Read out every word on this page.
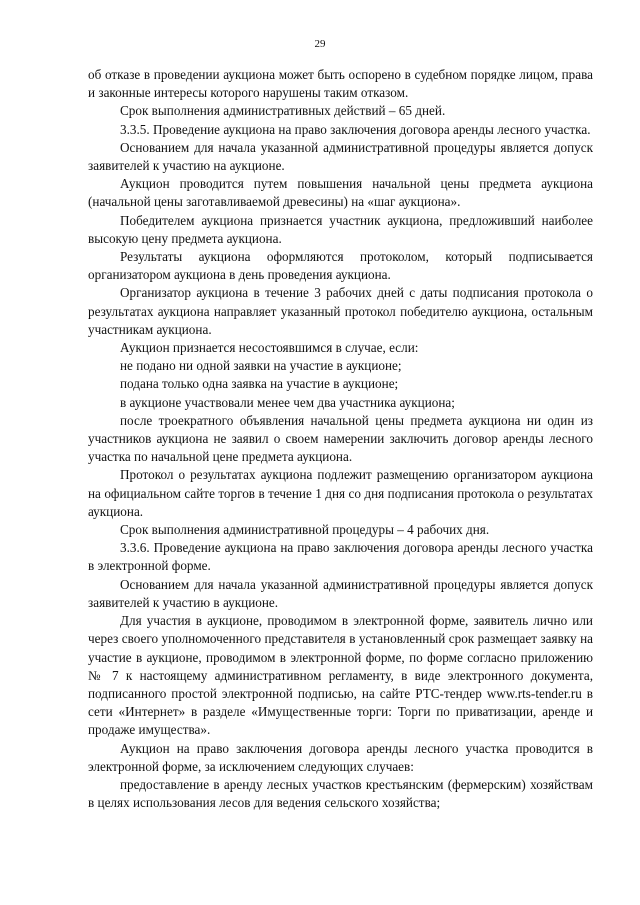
29

об отказе в проведении аукциона может быть оспорено в судебном порядке лицом, права и законные интересы которого нарушены таким отказом.

Срок выполнения административных действий – 65 дней.

3.3.5. Проведение аукциона на право заключения договора аренды лесного участка.

Основанием для начала указанной административной процедуры является допуск заявителей к участию на аукционе.

Аукцион проводится путем повышения начальной цены предмета аукциона (начальной цены заготавливаемой древесины) на «шаг аукциона».

Победителем аукциона признается участник аукциона, предложивший наиболее высокую цену предмета аукциона.

Результаты аукциона оформляются протоколом, который подписывается организатором аукциона в день проведения аукциона.

Организатор аукциона в течение 3 рабочих дней с даты подписания протокола о результатах аукциона направляет указанный протокол победителю аукциона, остальным участникам аукциона.

Аукцион признается несостоявшимся в случае, если:

не подано ни одной заявки на участие в аукционе;

подана только одна заявка на участие в аукционе;

в аукционе участвовали менее чем два участника аукциона;

после троекратного объявления начальной цены предмета аукциона ни один из участников аукциона не заявил о своем намерении заключить договор аренды лесного участка по начальной цене предмета аукциона.

Протокол о результатах аукциона подлежит размещению организатором аукциона на официальном сайте торгов в течение 1 дня со дня подписания протокола о результатах аукциона.

Срок выполнения административной процедуры – 4 рабочих дня.

3.3.6. Проведение аукциона на право заключения договора аренды лесного участка в электронной форме.

Основанием для начала указанной административной процедуры является допуск заявителей к участию в аукционе.

Для участия в аукционе, проводимом в электронной форме, заявитель лично или через своего уполномоченного представителя в установленный срок размещает заявку на участие в аукционе, проводимом в электронной форме, по форме согласно приложению № 7 к настоящему административном регламенту, в виде электронного документа, подписанного простой электронной подписью, на сайте РТС-тендер www.rts-tender.ru в сети «Интернет» в разделе «Имущественные торги: Торги по приватизации, аренде и продаже имущества».

Аукцион на право заключения договора аренды лесного участка проводится в электронной форме, за исключением следующих случаев:

предоставление в аренду лесных участков крестьянским (фермерским) хозяйствам в целях использования лесов для ведения сельского хозяйства;
